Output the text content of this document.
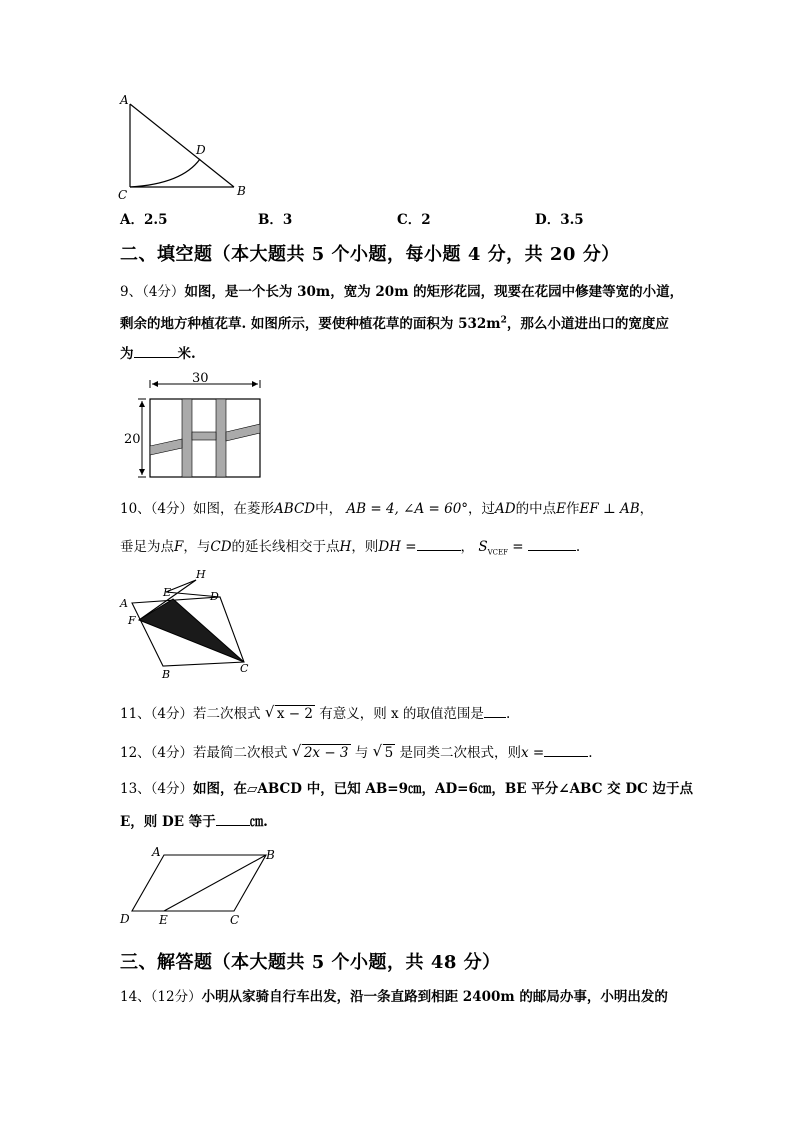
A
D
C	B
A．2.5	B．3	C．2	D．3.5
二、填空题（本大题共 5 个小题，每小题 4 分，共 20 分）
9、（4分）如图，是一个长为 30m，宽为 20m 的矩形花园，现要在花园中修建等宽的小道，
剩余的地方种植花草. 如图所示，要使种植花草的面积为 $532m^2$，那么小道进出口的宽度应
为	米.
30
20
10、（4分）如图，在菱形ABCD中， AB = 4, ∠A = 60°，过AD的中点E作EF ⊥ AB，
垂足为点F，与CD的延长线相交于点H，则DH =	， $S_{VCEF}$ =	.
H
E	D
A
F
C
B
11、（4分）若二次根式 √ x − 2 有意义，则 x 的取值范围是 .
12、（4分）若最简二次根式 √ 2x − 3 与 √ 5 是同类二次根式，则x =	.
13、（4分）如图，在▱ABCD 中，已知 AB=9㎝，AD=6㎝，BE 平分∠ABC 交 DC 边于点
E，则 DE 等于	㎝.
A	B
D E	C
三、解答题（本大题共 5 个小题，共 48 分）
14、（12分）小明从家骑自行车出发，沿一条直路到相距 2400m 的邮局办事，小明出发的
